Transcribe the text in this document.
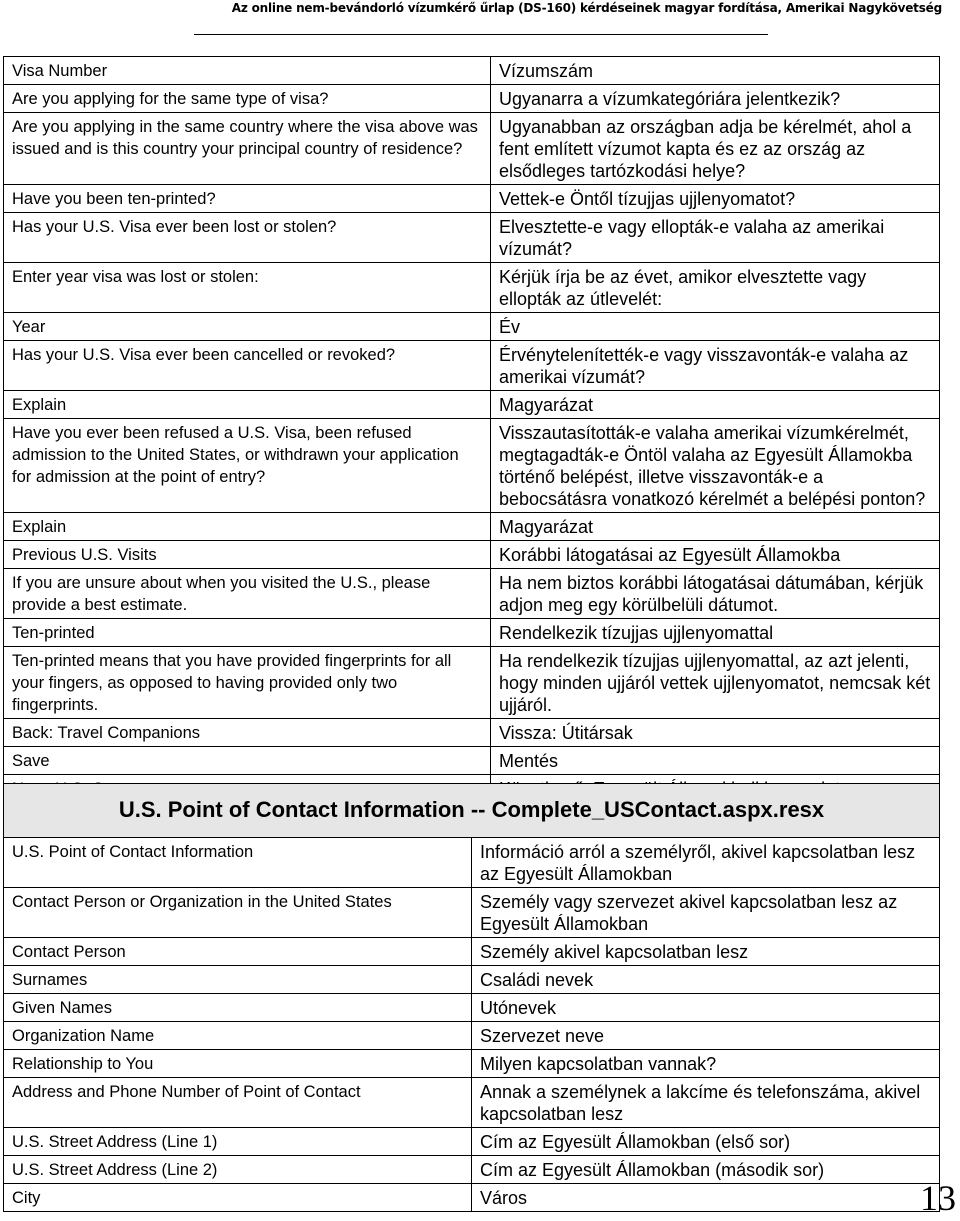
Az online nem-bevándorló vízumkérő űrlap (DS-160) kérdéseinek magyar fordítása, Amerikai Nagykövetség
Visa Number	Vízumszám
Are you applying for the same type of visa?	Ugyanarra a vízumkategóriára jelentkezik?
Are you applying in the same country where the visa above was issued and is this country your principal country of residence?	Ugyanabban az országban adja be kérelmét, ahol a fent említett vízumot kapta és ez az ország az elsődleges tartózkodási helye?
Have you been ten-printed?	Vettek-e Öntől tízujjas ujjlenyomatot?
Has your U.S. Visa ever been lost or stolen?	Elvesztette-e vagy ellopták-e valaha az amerikai vízumát?
Enter year visa was lost or stolen:	Kérjük írja be az évet, amikor elvesztette vagy ellopták az útlevelét:
Year	Év
Has your U.S. Visa ever been cancelled or revoked?	Érvénytelenítették-e vagy visszavonták-e valaha az amerikai vízumát?
Explain	Magyarázat
Have you ever been refused a U.S. Visa, been refused admission to the United States, or withdrawn your application for admission at the point of entry?	Visszautasították-e valaha amerikai vízumkérelmét, megtagadták-e Öntöl valaha az Egyesült Államokba történő belépést, illetve visszavonták-e a bebocsátásra vonatkozó kérelmét a belépési ponton?
Explain	Magyarázat
Previous U.S. Visits	Korábbi látogatásai az Egyesült Államokba
If you are unsure about when you visited the U.S., please provide a best estimate.	Ha nem biztos korábbi látogatásai dátumában, kérjük adjon meg egy körülbelüli dátumot.
Ten-printed	Rendelkezik tízujjas ujjlenyomattal
Ten-printed means that you have provided fingerprints for all your fingers, as opposed to having provided only two fingerprints.	Ha rendelkezik tízujjas ujjlenyomattal, az azt jelenti, hogy minden ujjáról vettek ujjlenyomatot, nemcsak két ujjáról.
Back: Travel Companions	Vissza: Útitársak
Save	Mentés

U.S. Point of Contact Information -- Complete_USContact.aspx.resx	
U.S. Point of Contact Information	Információ arról a személyről, akivel kapcsolatban lesz az Egyesült Államokban
Contact Person or Organization in the United States	Személy vagy szervezet akivel kapcsolatban lesz az Egyesült Államokban
Contact Person	Személy akivel kapcsolatban lesz
Surnames	Családi nevek
Given Names	Utónevek
Organization Name	Szervezet neve
Relationship to You	Milyen kapcsolatban vannak?
Address and Phone Number of Point of Contact	Annak a személynek a lakcíme és telefonszáma, akivel kapcsolatban lesz
U.S. Street Address (Line 1)	Cím az Egyesült Államokban (első sor)
U.S. Street Address (Line 2)	Cím az Egyesült Államokban (második sor)
City	Város	13
